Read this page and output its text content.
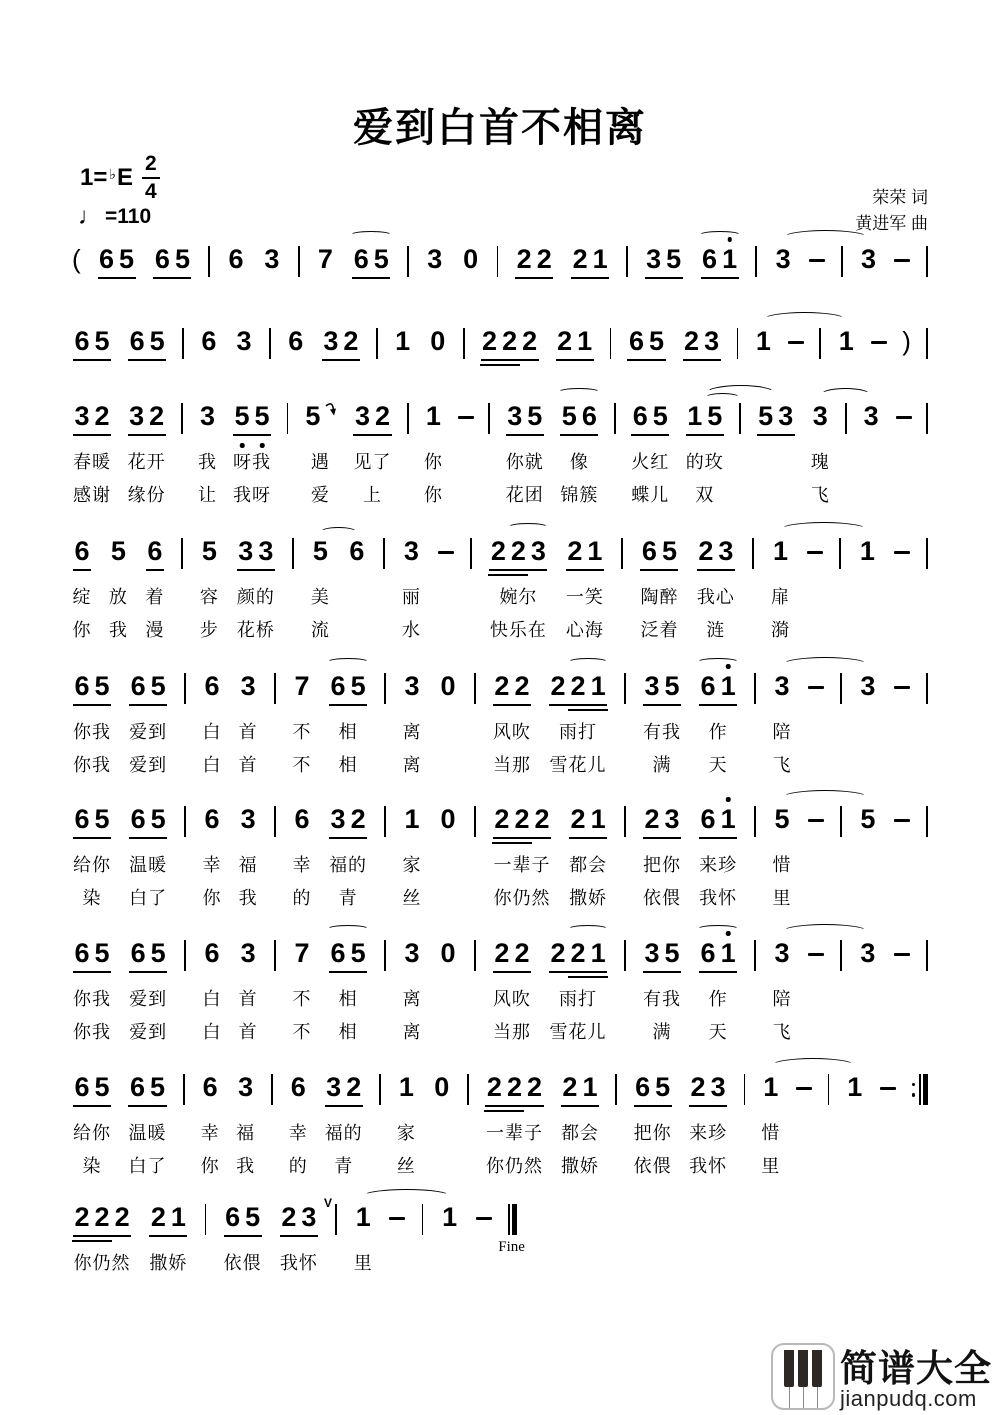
爱到白首不相离
1=♭ E $\frac{2}{4}$
♩ =110
荣荣 词
黄进军 曲
( 6 5 6 5 6 3 7 6 5 3 0 2 2 2 1 3 5 6 1 3	3
6 5 6 5 6 3 6 3 2 1 0 2 2 2 2 1 6 5 2 3 1	1 )
3 2
春暖
感谢
3 2
花开
缘份
3
我
让
5 5
呀我
我呀
5
遇
爱
3 2
见了
上
1
你
你
3 5
你就
花团
5 6
像
锦簇
6 5
火红
蝶儿
1 5
的玫
双
5 3 3
瑰
飞
3
6
绽
你
5
放
我
6
着
漫
5
容
步
3 3
颜的
花桥
5
美
流
6 3
丽
水
2 2 3
婉尔
快乐在
2 1
一笑
心海
6 5
陶醉
泛着
2 3
我心
涟
1
扉
漪
1
6 5
你我
你我
6 5
爱到
爱到
6
白
白
3
首
首
7
不
不
6 5
相
相
3
离
离
0 2 2
风吹
当那
2 2 1
雨打
雪花儿
3 5
有我
满
6 1
作
天
3
陪
飞
3
6 5
给你
染
6 5
温暖
白了
6
幸
你
3
福
我
6
幸
的
3 2
福的
青
1
家
丝
0 2 2 2
一辈子
你仍然
2 1
都会
撒娇
2 3
把你
依偎
6 1
来珍
我怀
5
惜
里
5
6 5
你我
你我
6 5
爱到
爱到
6
白
白
3
首
首
7
不
不
6 5
相
相
3
离
离
0 2 2
风吹
当那
2 2 1
雨打
雪花儿
3 5
有我
满
6 1
作
天
3
陪
飞
3
6 5
给你
染
6 5
温暖
白了
6
幸
你
3
福
我
6
幸
的
3 2
福的
青
1
家
丝
0 2 2 2
一辈子
你仍然
2 1
都会
撒娇
6 5
把你
依偎
2 3
来珍
我怀
1
惜
里
1
2 2 2
你仍然
2 1
撒娇
6 5
依偎
2 3 V
我怀
1
里
1
Fine
简谱大全
jianpudq.com
